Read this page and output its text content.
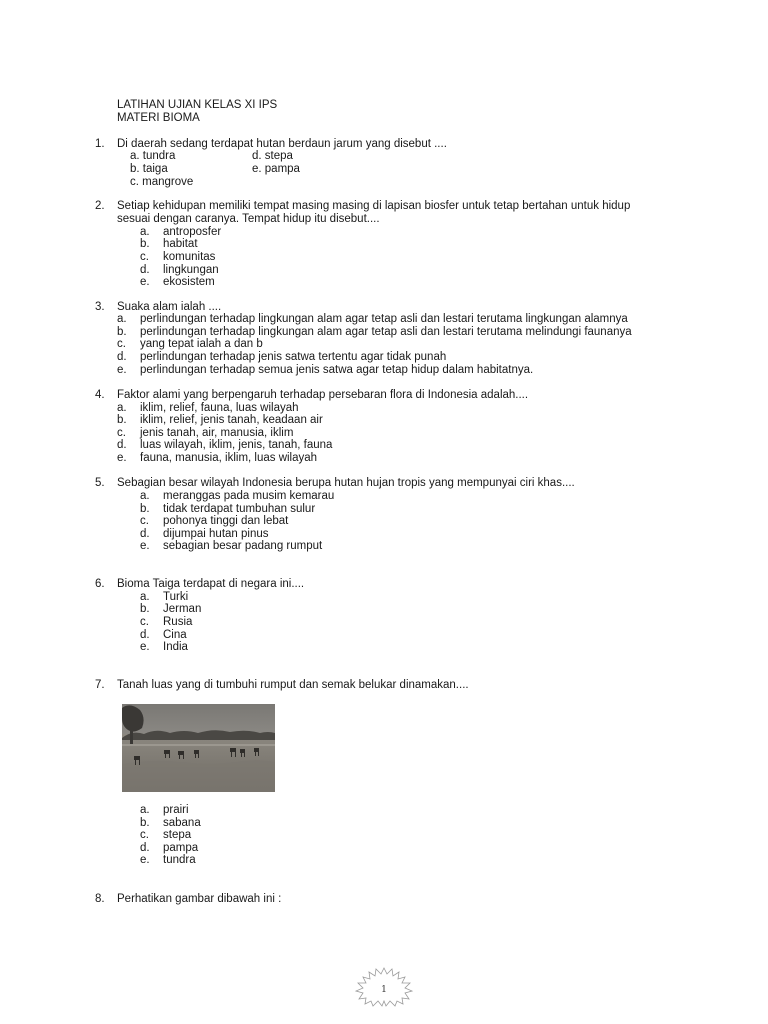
LATIHAN UJIAN KELAS XI IPS
MATERI BIOMA
1. Di daerah sedang terdapat hutan berdaun jarum yang disebut ....
a. tundra	d. stepa
b. taiga	e. pampa
c. mangrove
2. Setiap kehidupan memiliki tempat masing masing di lapisan biosfer untuk tetap bertahan untuk hidup
sesuai dengan caranya. Tempat hidup itu disebut....
a. antroposfer
b. habitat
c. komunitas
d. lingkungan
e. ekosistem
3. Suaka alam ialah ....
a. perlindungan terhadap lingkungan alam agar tetap asli dan lestari terutama lingkungan alamnya
b. perlindungan terhadap lingkungan alam agar tetap asli dan lestari terutama melindungi faunanya
c. yang tepat ialah a dan b
d. perlindungan terhadap jenis satwa tertentu agar tidak punah
e. perlindungan terhadap semua jenis satwa agar tetap hidup dalam habitatnya.
4. Faktor alami yang berpengaruh terhadap persebaran flora di Indonesia adalah....
a. iklim, relief, fauna, luas wilayah
b. iklim, relief, jenis tanah, keadaan air
c. jenis tanah, air, manusia, iklim
d. luas wilayah, iklim, jenis, tanah, fauna
e. fauna, manusia, iklim, luas wilayah
5. Sebagian besar wilayah Indonesia berupa hutan hujan tropis yang mempunyai ciri khas....
a. meranggas pada musim kemarau
b. tidak terdapat tumbuhan sulur
c. pohonya tinggi dan lebat
d. dijumpai hutan pinus
e. sebagian besar padang rumput
6. Bioma Taiga terdapat di negara ini....
a. Turki
b. Jerman
c. Rusia
d. Cina
e. India
7. Tanah luas yang di tumbuhi rumput dan semak belukar dinamakan....
a. prairi
b. sabana
c. stepa
d. pampa
e. tundra
8. Perhatikan gambar dibawah ini :
1
